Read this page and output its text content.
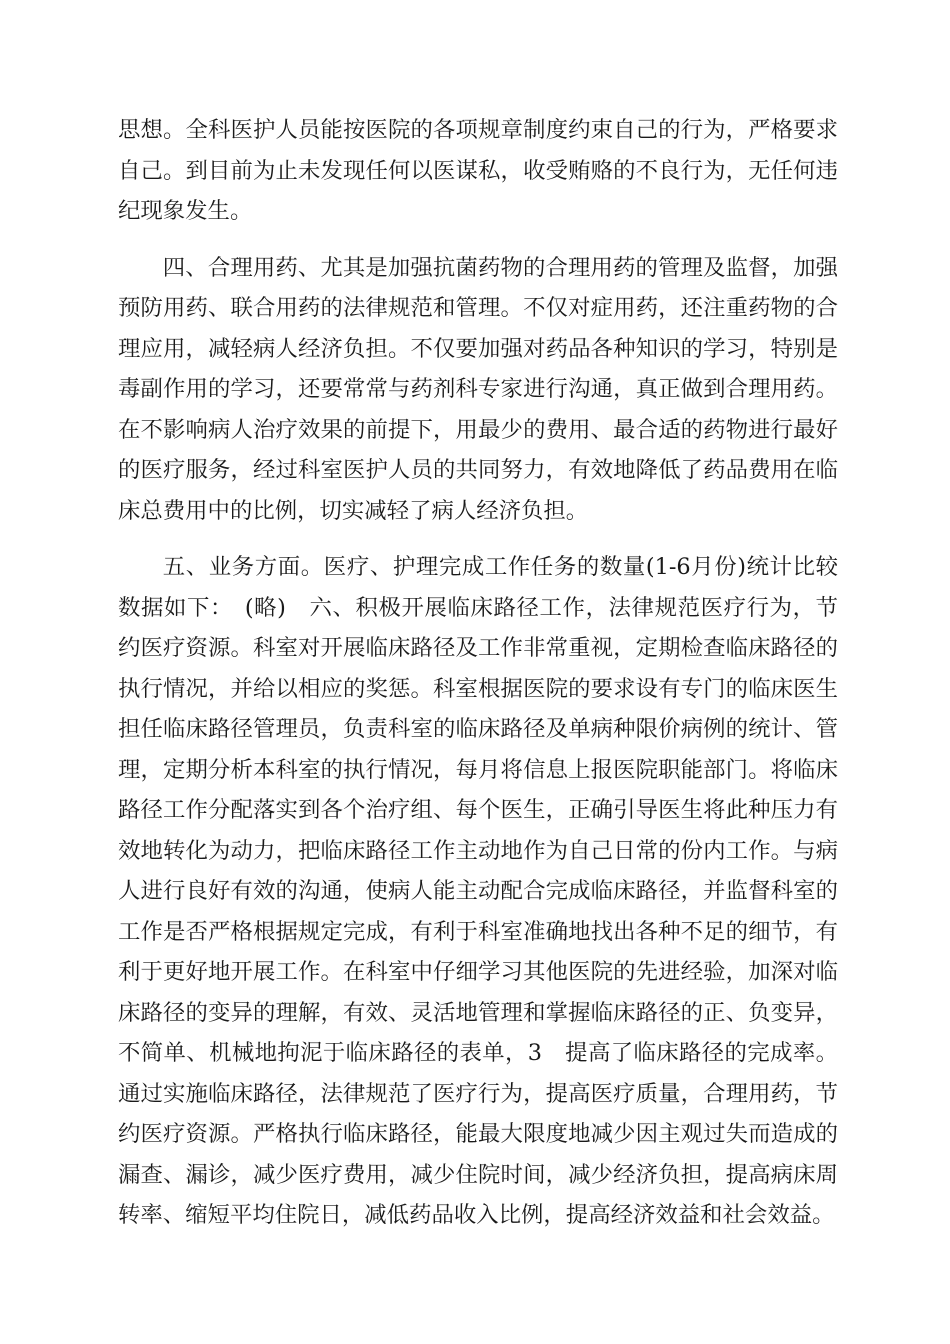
思想。全科医护人员能按医院的各项规章制度约束自己的行为，严格要求自己。到目前为止未发现任何以医谋私，收受贿赂的不良行为，无任何违纪现象发生。

四、合理用药、尤其是加强抗菌药物的合理用药的管理及监督，加强预防用药、联合用药的法律规范和管理。不仅对症用药，还注重药物的合理应用，减轻病人经济负担。不仅要加强对药品各种知识的学习，特别是毒副作用的学习，还要常常与药剂科专家进行沟通，真正做到合理用药。在不影响病人治疗效果的前提下，用最少的费用、最合适的药物进行最好的医疗服务，经过科室医护人员的共同努力，有效地降低了药品费用在临床总费用中的比例，切实减轻了病人经济负担。

五、业务方面。医疗、护理完成工作任务的数量(1-6月份)统计比较数据如下：　(略)　六、积极开展临床路径工作，法律规范医疗行为，节约医疗资源。科室对开展临床路径及工作非常重视，定期检查临床路径的执行情况，并给以相应的奖惩。科室根据医院的要求设有专门的临床医生担任临床路径管理员，负责科室的临床路径及单病种限价病例的统计、管理，定期分析本科室的执行情况，每月将信息上报医院职能部门。将临床路径工作分配落实到各个治疗组、每个医生，正确引导医生将此种压力有效地转化为动力，把临床路径工作主动地作为自己日常的份内工作。与病人进行良好有效的沟通，使病人能主动配合完成临床路径，并监督科室的工作是否严格根据规定完成，有利于科室准确地找出各种不足的细节，有利于更好地开展工作。在科室中仔细学习其他医院的先进经验，加深对临床路径的变异的理解，有效、灵活地管理和掌握临床路径的正、负变异，不简单、机械地拘泥于临床路径的表单，3　提高了临床路径的完成率。通过实施临床路径，法律规范了医疗行为，提高医疗质量，合理用药，节约医疗资源。严格执行临床路径，能最大限度地减少因主观过失而造成的漏查、漏诊，减少医疗费用，减少住院时间，减少经济负担，提高病床周转率、缩短平均住院日，减低药品收入比例，提高经济效益和社会效益。
